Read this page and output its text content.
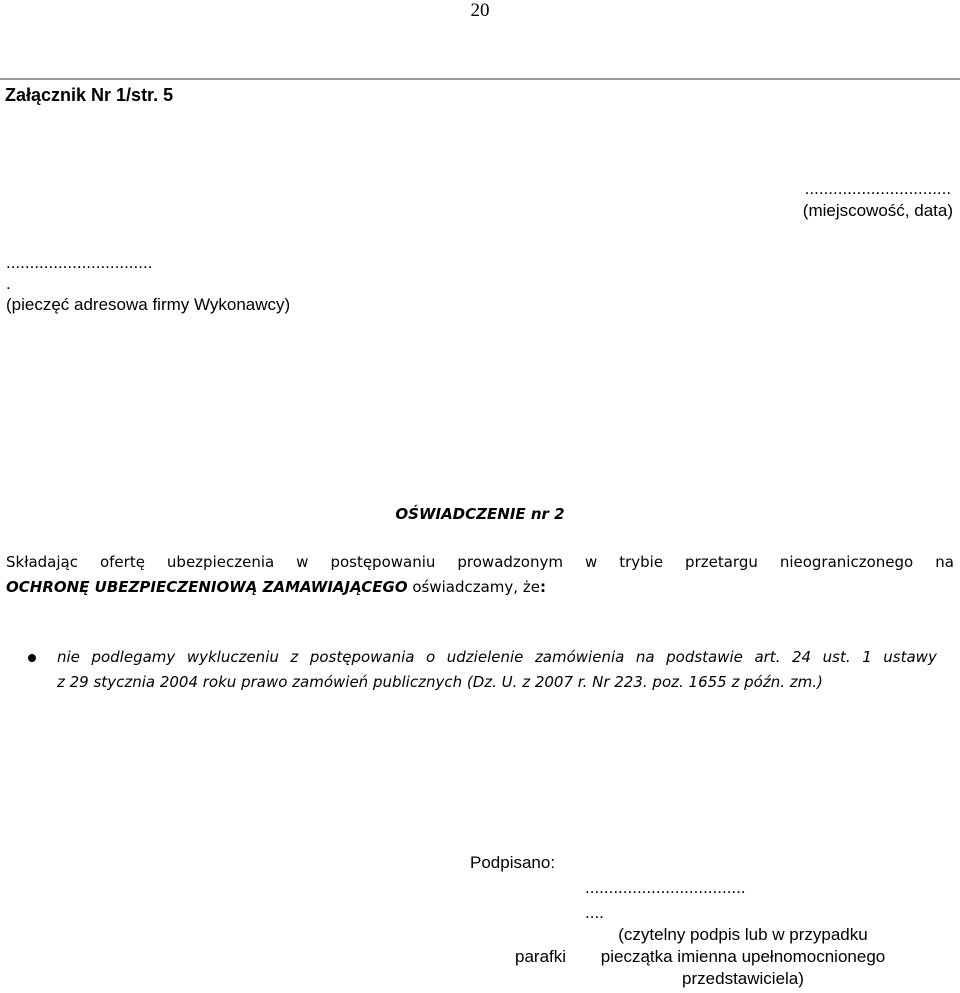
20
Załącznik Nr 1/str. 5
...............................
(miejscowość, data)
...............................
.
(pieczęć adresowa firmy Wykonawcy)
OŚWIADCZENIE nr 2
Składając ofertę ubezpieczenia w postępowaniu prowadzonym w trybie przetargu nieograniczonego na
OCHRONĘ UBEZPIECZENIOWĄ ZAMAWIAJĄCEGO oświadczamy, że:
nie podlegamy wykluczeniu z postępowania o udzielenie zamówienia na podstawie art. 24 ust. 1 ustawy
z 29 stycznia 2004 roku prawo zamówień publicznych (Dz. U. z 2007 r. Nr 223. poz. 1655 z późn. zm.)
Podpisano:
..................................
....
(czytelny podpis lub w przypadku
pieczątka imienna upełnomocnionego
przedstawiciela)
parafki
